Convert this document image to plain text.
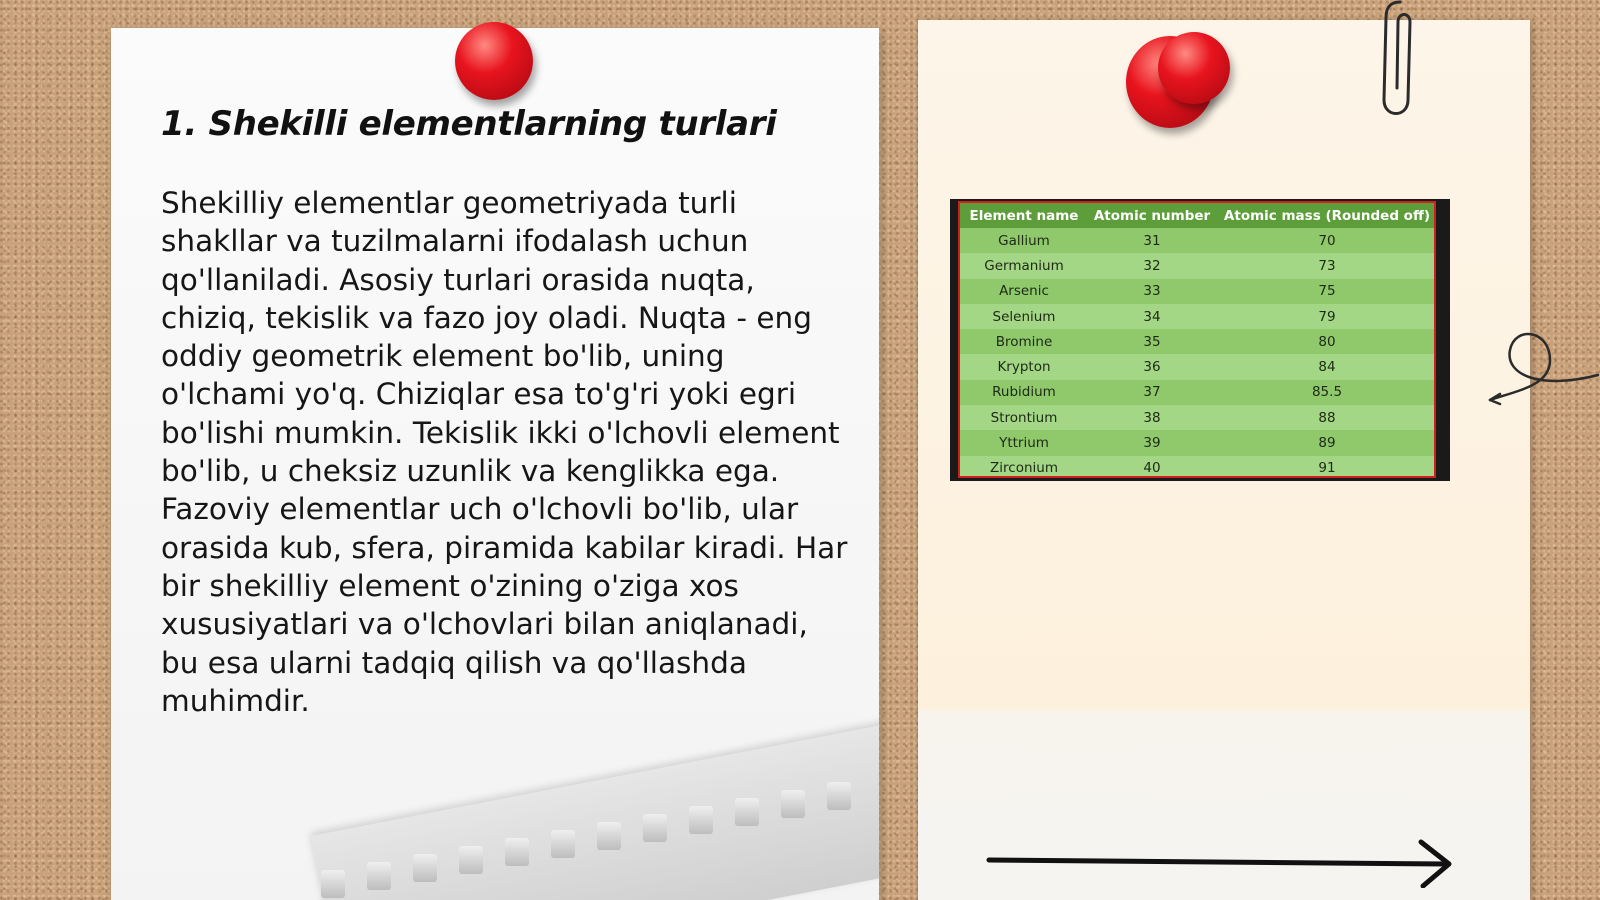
1. Shekilli elementlarning turlari

Shekilliy elementlar geometriyada turli shakllar va tuzilmalarni ifodalash uchun qo'llaniladi. Asosiy turlari orasida nuqta, chiziq, tekislik va fazo joy oladi. Nuqta - eng oddiy geometrik element bo'lib, uning o'lchami yo'q. Chiziqlar esa to'g'ri yoki egri bo'lishi mumkin. Tekislik ikki o'lchovli element bo'lib, u cheksiz uzunlik va kenglikka ega. Fazoviy elementlar uch o'lchovli bo'lib, ular orasida kub, sfera, piramida kabilar kiradi. Har bir shekilliy element o'zining o'ziga xos xususiyatlari va o'lchovlari bilan aniqlanadi, bu esa ularni tadqiq qilish va qo'llashda muhimdir.

Element name	Atomic number	Atomic mass (Rounded off)
Gallium	31	70
Germanium	32	73
Arsenic	33	75
Selenium	34	79
Bromine	35	80
Krypton	36	84
Rubidium	37	85.5
Strontium	38	88
Yttrium	39	89
Zirconium	40	91
